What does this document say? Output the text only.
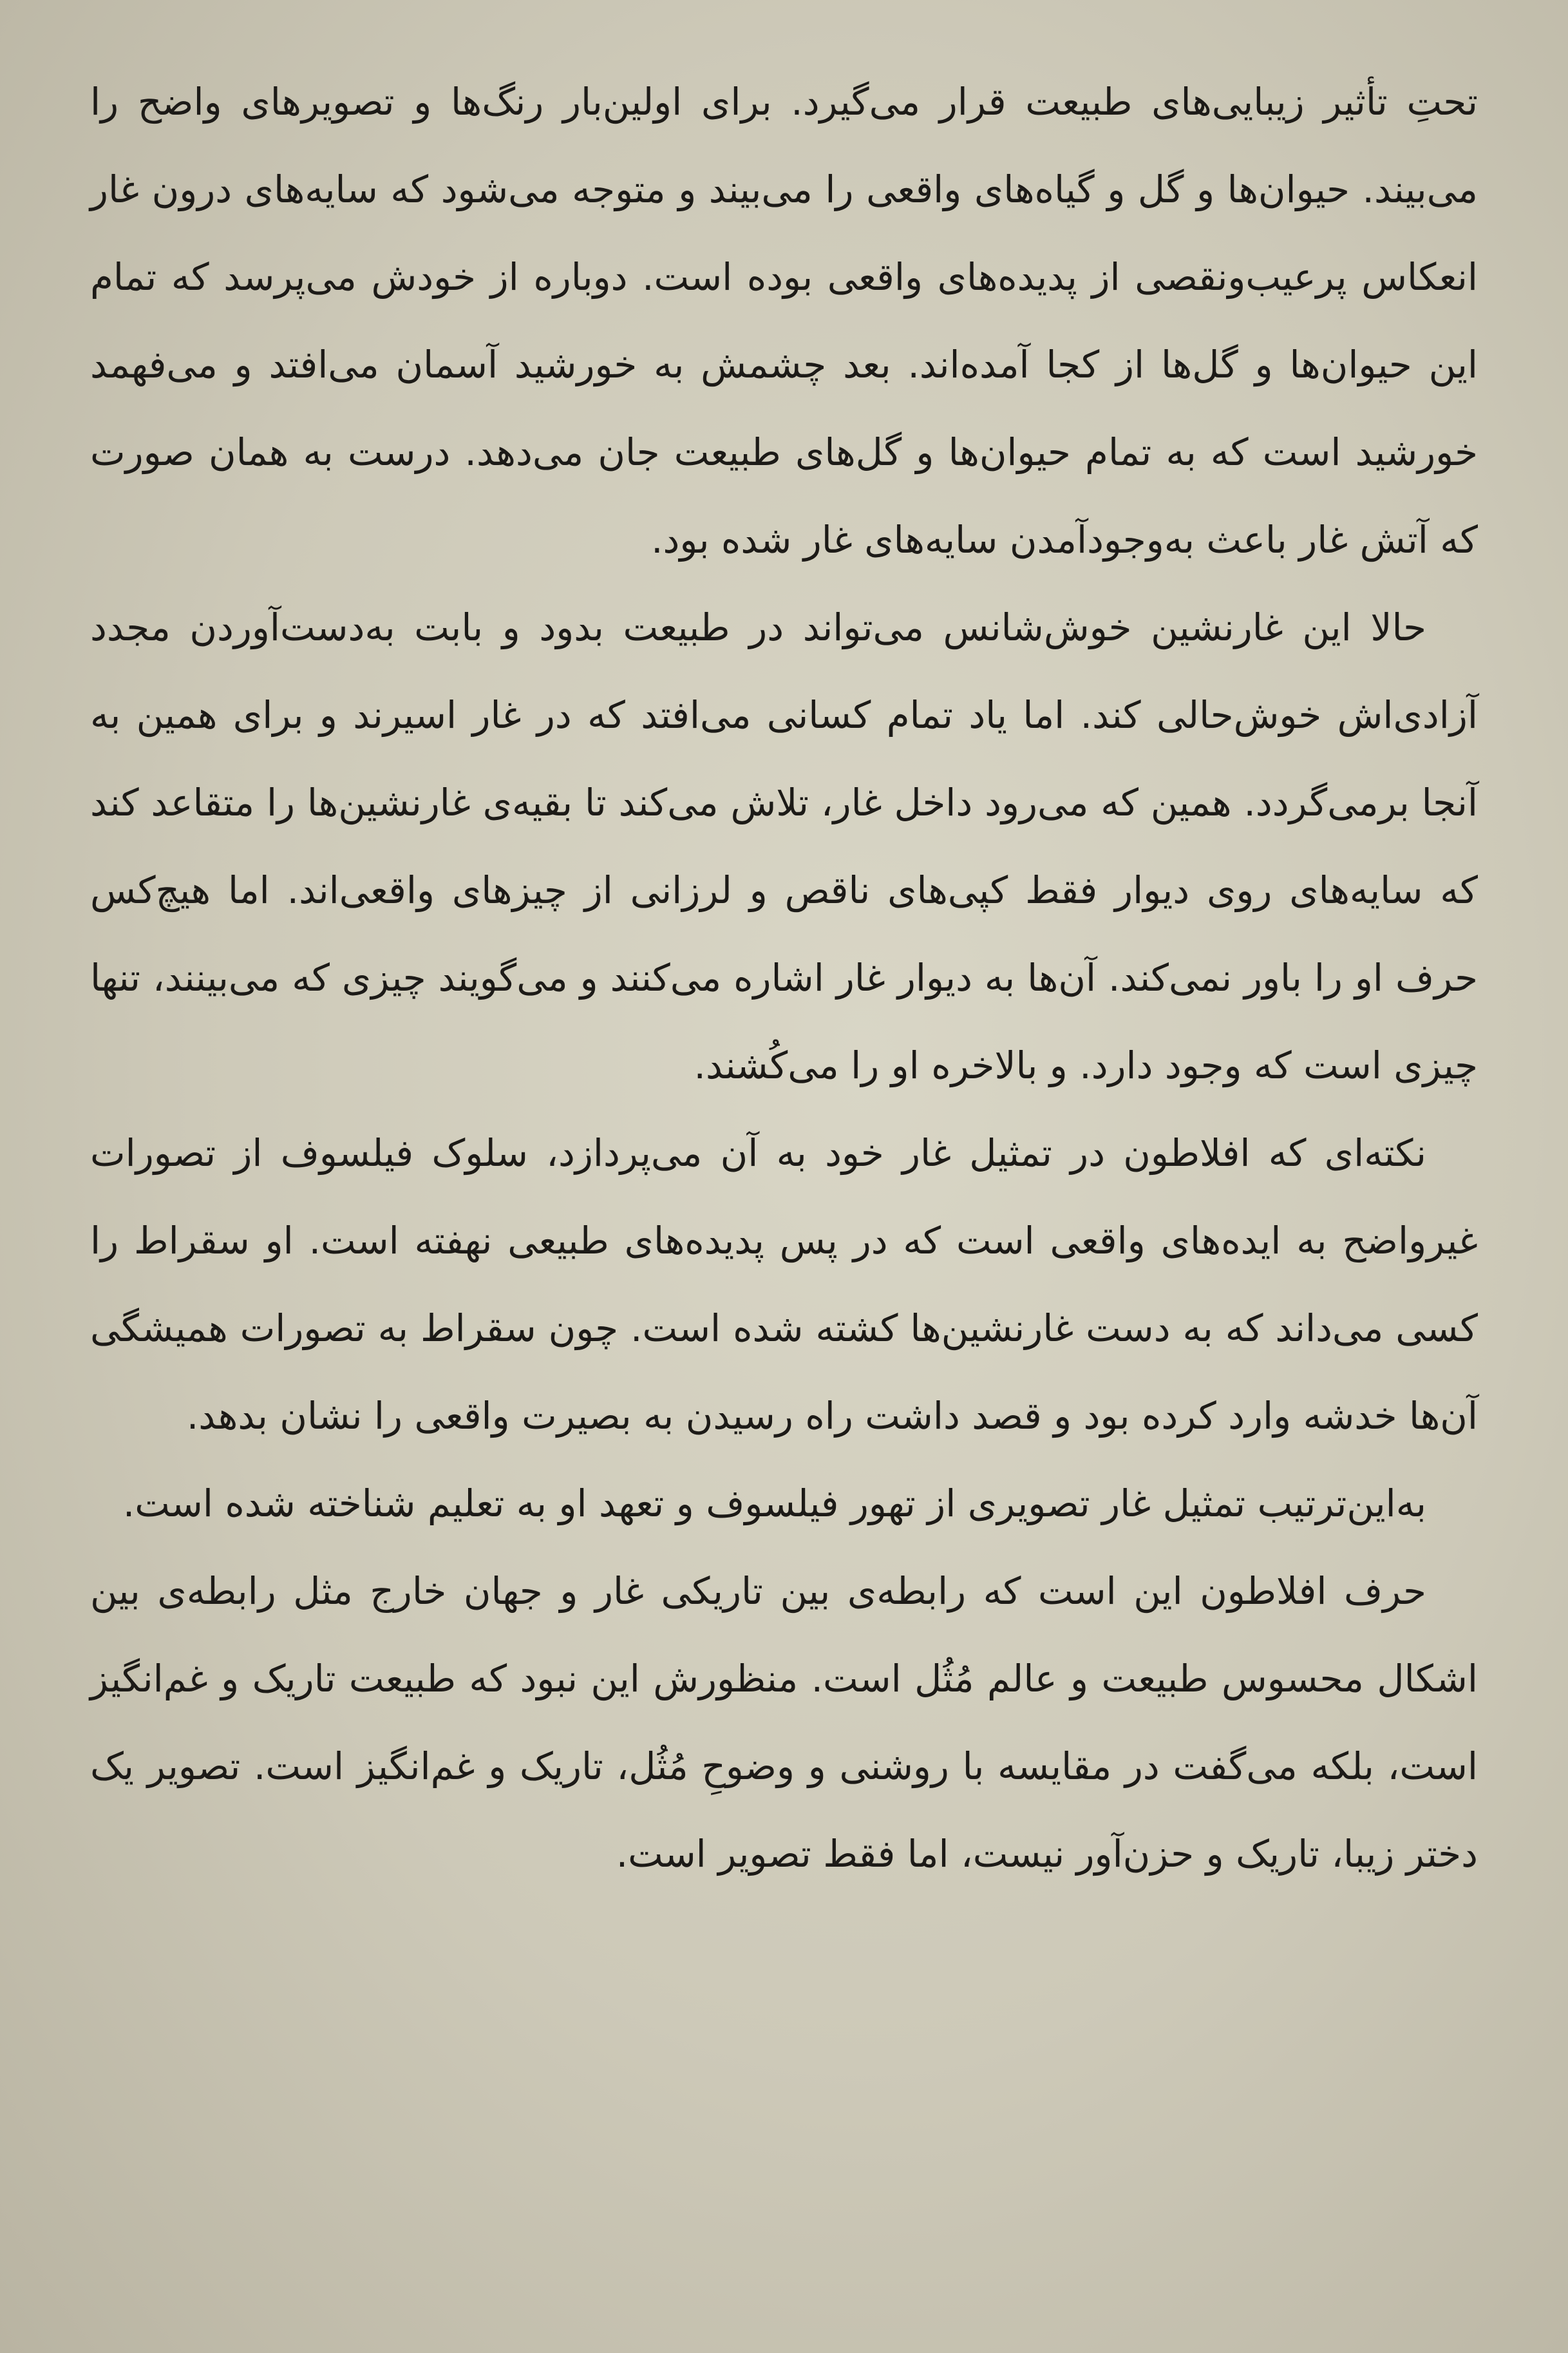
تحتِ تأثیر زیبایی‌های طبیعت قرار می‌گیرد. برای اولین‌بار رنگ‌ها و تصویرهای واضح را می‌بیند. حیوان‌ها و گل و گیاه‌های واقعی را می‌بیند و متوجه می‌شود که سایه‌های درون غار انعکاس پرعیب‌ونقصی از پدیده‌های واقعی بوده است. دوباره از خودش می‌پرسد که تمام این حیوان‌ها و گل‌ها از کجا آمده‌اند. بعد چشمش به خورشید آسمان می‌افتد و می‌فهمد خورشید است که به تمام حیوان‌ها و گل‌های طبیعت جان می‌دهد. درست به همان صورت که آتش غار باعث به‌وجودآمدن سایه‌های غار شده بود.

حالا این غارنشین خوش‌شانس می‌تواند در طبیعت بدود و بابت به‌دست‌آوردن مجدد آزادی‌اش خوش‌حالی کند. اما یاد تمام کسانی می‌افتد که در غار اسیرند و برای همین به آنجا برمی‌گردد. همین که می‌رود داخل غار، تلاش می‌کند تا بقیه‌ی غارنشین‌ها را متقاعد کند که سایه‌های روی دیوار فقط کپی‌های ناقص و لرزانی از چیزهای واقعی‌اند. اما هیچ‌کس حرف او را باور نمی‌کند. آن‌ها به دیوار غار اشاره می‌کنند و می‌گویند چیزی که می‌بینند، تنها چیزی است که وجود دارد. و بالاخره او را می‌کُشند.

نکته‌ای که افلاطون در تمثیل غار خود به آن می‌پردازد، سلوک فیلسوف از تصورات غیرواضح به ایده‌های واقعی است که در پس پدیده‌های طبیعی نهفته است. او سقراط را کسی می‌داند که به دست غارنشین‌ها کشته شده است. چون سقراط به تصورات همیشگی آن‌ها خدشه وارد کرده بود و قصد داشت راه رسیدن به بصیرت واقعی را نشان بدهد.

به‌این‌ترتیب تمثیل غار تصویری از تهور فیلسوف و تعهد او به تعلیم شناخته شده است.

حرف افلاطون این است که رابطه‌ی بین تاریکی غار و جهان خارج مثل رابطه‌ی بین اشکال محسوس طبیعت و عالم مُثُل است. منظورش این نبود که طبیعت تاریک و غم‌انگیز است، بلکه می‌گفت در مقایسه با روشنی و وضوحِ مُثُل، تاریک و غم‌انگیز است. تصویر یک دختر زیبا، تاریک و حزن‌آور نیست، اما فقط تصویر است.
